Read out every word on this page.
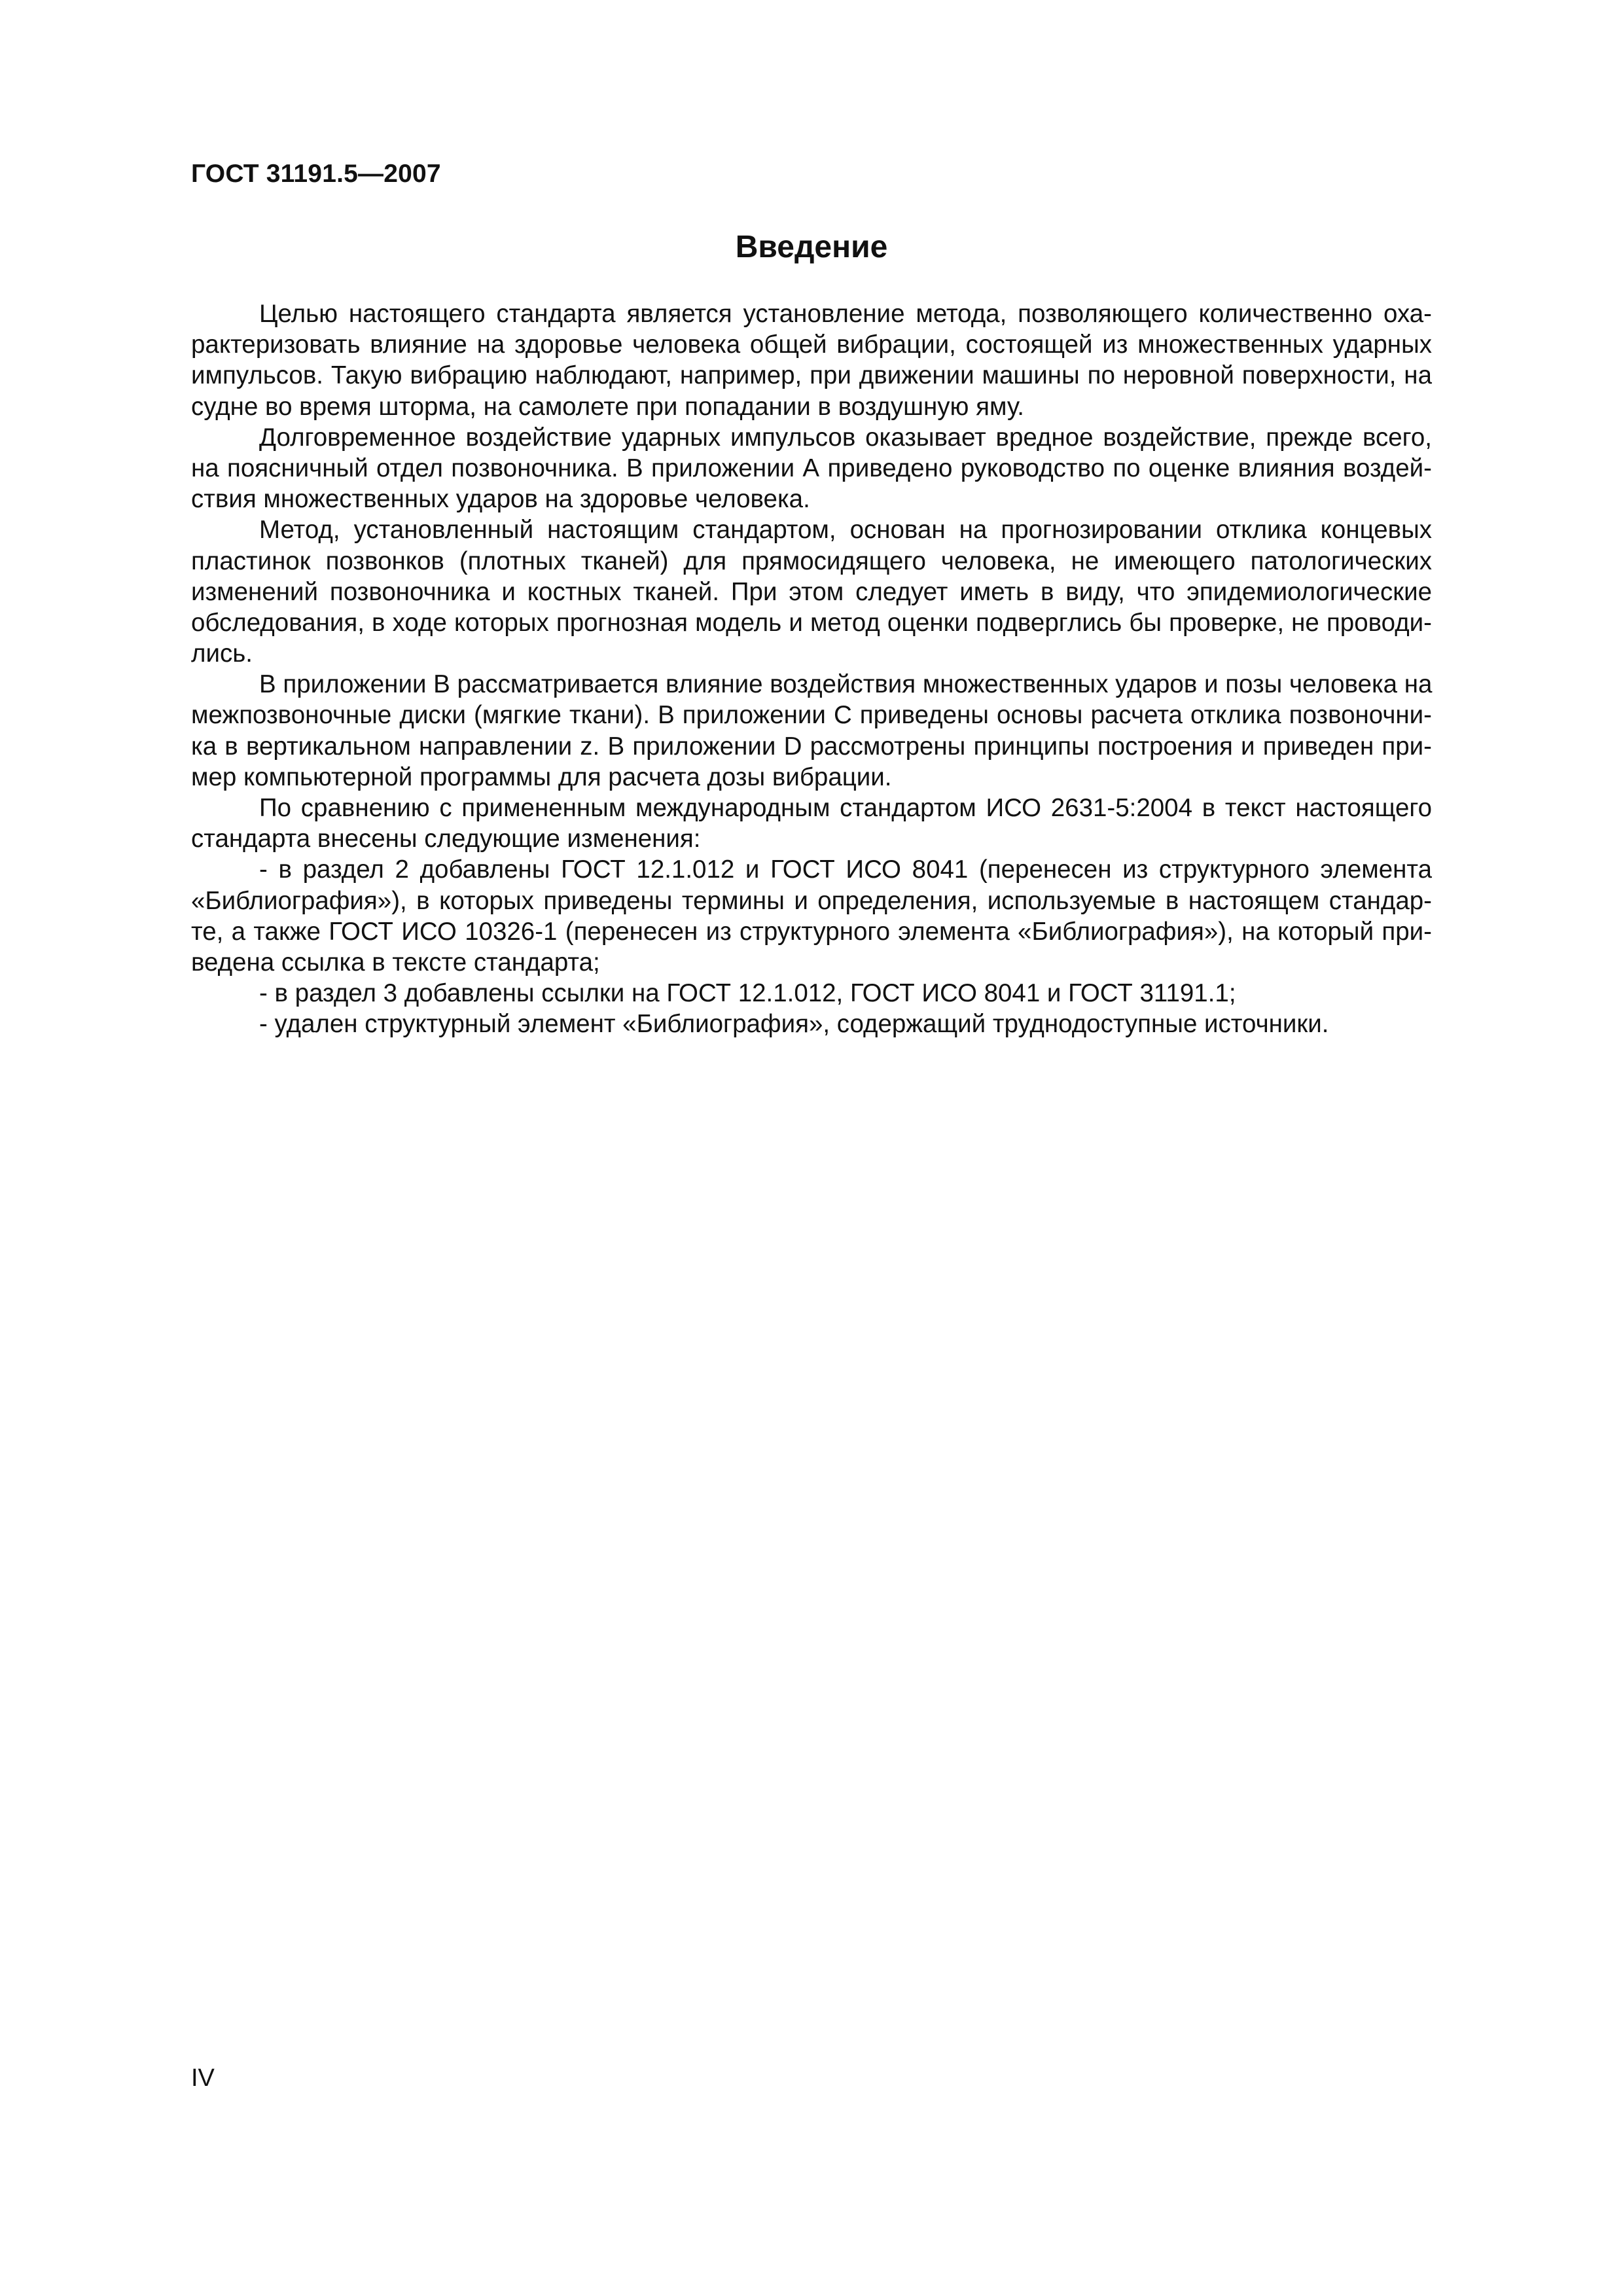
ГОСТ 31191.5—2007
Введение
Целью настоящего стандарта является установление метода, позволяющего количественно оха-
рактеризовать влияние на здоровье человека общей вибрации, состоящей из множественных ударных
импульсов. Такую вибрацию наблюдают, например, при движении машины по неровной поверхности, на
судне во время шторма, на самолете при попадании в воздушную яму.
Долговременное воздействие ударных импульсов оказывает вредное воздействие, прежде всего,
на поясничный отдел позвоночника. В приложении А приведено руководство по оценке влияния воздей-
ствия множественных ударов на здоровье человека.
Метод, установленный настоящим стандартом, основан на прогнозировании отклика концевых
пластинок позвонков (плотных тканей) для прямосидящего человека, не имеющего патологических
изменений позвоночника и костных тканей. При этом следует иметь в виду, что эпидемиологические
обследования, в ходе которых прогнозная модель и метод оценки подверглись бы проверке, не проводи-
лись.
В приложении В рассматривается влияние воздействия множественных ударов и позы человека на
межпозвоночные диски (мягкие ткани). В приложении С приведены основы расчета отклика позвоночни-
ка в вертикальном направлении z. В приложении D рассмотрены принципы построения и приведен при-
мер компьютерной программы для расчета дозы вибрации.
По сравнению с примененным международным стандартом ИСО 2631-5:2004 в текст настоящего
стандарта внесены следующие изменения:
- в раздел 2 добавлены ГОСТ 12.1.012 и ГОСТ ИСО 8041 (перенесен из структурного элемента
«Библиография»), в которых приведены термины и определения, используемые в настоящем стандар-
те, а также ГОСТ ИСО 10326-1 (перенесен из структурного элемента «Библиография»), на который при-
ведена ссылка в тексте стандарта;
- в раздел 3 добавлены ссылки на ГОСТ 12.1.012, ГОСТ ИСО 8041 и ГОСТ 31191.1;
- удален структурный элемент «Библиография», содержащий труднодоступные источники.
IV
